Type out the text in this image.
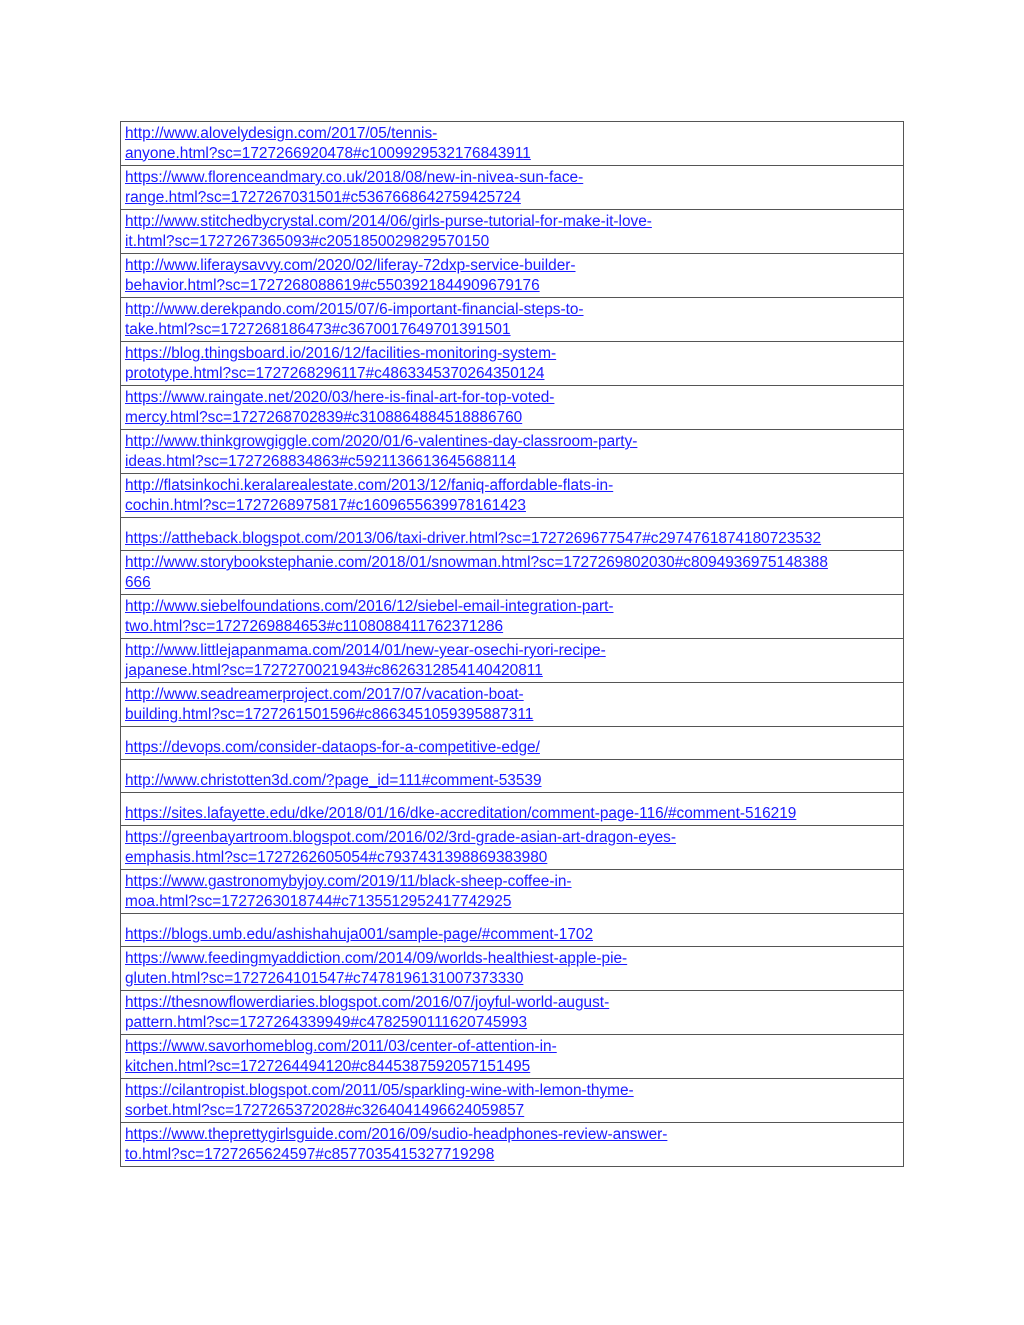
http://www.alovelydesign.com/2017/05/tennis-
anyone.html?sc=1727266920478#c1009929532176843911
https://www.florenceandmary.co.uk/2018/08/new-in-nivea-sun-face-
range.html?sc=1727267031501#c5367668642759425724
http://www.stitchedbycrystal.com/2014/06/girls-purse-tutorial-for-make-it-love-
it.html?sc=1727267365093#c2051850029829570150
http://www.liferaysavvy.com/2020/02/liferay-72dxp-service-builder-
behavior.html?sc=1727268088619#c5503921844909679176
http://www.derekpando.com/2015/07/6-important-financial-steps-to-
take.html?sc=1727268186473#c3670017649701391501
https://blog.thingsboard.io/2016/12/facilities-monitoring-system-
prototype.html?sc=1727268296117#c4863345370264350124
https://www.raingate.net/2020/03/here-is-final-art-for-top-voted-
mercy.html?sc=1727268702839#c3108864884518886760
http://www.thinkgrowgiggle.com/2020/01/6-valentines-day-classroom-party-
ideas.html?sc=1727268834863#c5921136613645688114
http://flatsinkochi.keralarealestate.com/2013/12/faniq-affordable-flats-in-
cochin.html?sc=1727268975817#c1609655639978161423
https://attheback.blogspot.com/2013/06/taxi-driver.html?sc=1727269677547#c2974761874180723532
http://www.storybookstephanie.com/2018/01/snowman.html?sc=1727269802030#c8094936975148388
666
http://www.siebelfoundations.com/2016/12/siebel-email-integration-part-
two.html?sc=1727269884653#c1108088411762371286
http://www.littlejapanmama.com/2014/01/new-year-osechi-ryori-recipe-
japanese.html?sc=1727270021943#c8626312854140420811
http://www.seadreamerproject.com/2017/07/vacation-boat-
building.html?sc=1727261501596#c8663451059395887311
https://devops.com/consider-dataops-for-a-competitive-edge/
http://www.christotten3d.com/?page_id=111#comment-53539
https://sites.lafayette.edu/dke/2018/01/16/dke-accreditation/comment-page-116/#comment-516219
https://greenbayartroom.blogspot.com/2016/02/3rd-grade-asian-art-dragon-eyes-
emphasis.html?sc=1727262605054#c7937431398869383980
https://www.gastronomybyjoy.com/2019/11/black-sheep-coffee-in-
moa.html?sc=1727263018744#c7135512952417742925
https://blogs.umb.edu/ashishahuja001/sample-page/#comment-1702
https://www.feedingmyaddiction.com/2014/09/worlds-healthiest-apple-pie-
gluten.html?sc=1727264101547#c7478196131007373330
https://thesnowflowerdiaries.blogspot.com/2016/07/joyful-world-august-
pattern.html?sc=1727264339949#c4782590111620745993
https://www.savorhomeblog.com/2011/03/center-of-attention-in-
kitchen.html?sc=1727264494120#c8445387592057151495
https://cilantropist.blogspot.com/2011/05/sparkling-wine-with-lemon-thyme-
sorbet.html?sc=1727265372028#c3264041496624059857
https://www.theprettygirlsguide.com/2016/09/sudio-headphones-review-answer-
to.html?sc=1727265624597#c8577035415327719298
